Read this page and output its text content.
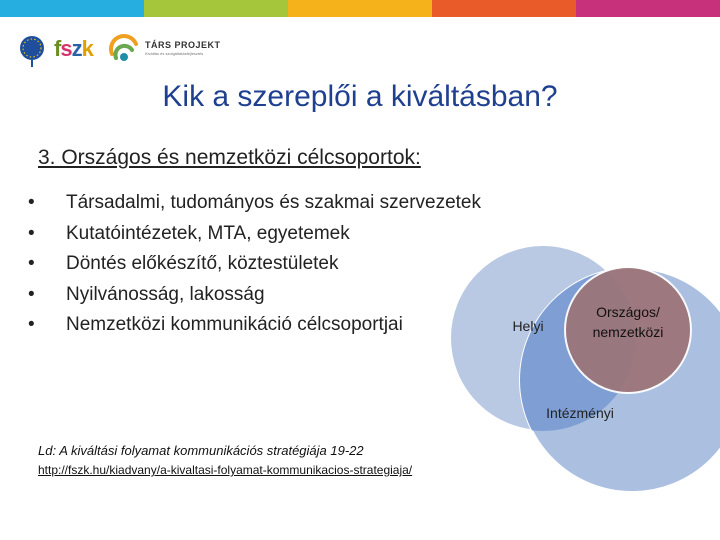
fszk	TÁRS PROJEKT
Kiváltás és szolgáltatásfejlesztés
Kik a szereplői a kiváltásban?
3. Országos és nemzetközi célcsoportok:
• Társadalmi, tudományos és szakmai szervezetek
• Kutatóintézetek, MTA, egyetemek
• Döntés előkészítő, köztestületek
• Nyilvánosság, lakosság
• Nemzetközi kommunikáció célcsoportjai	Helyi
Országos/
nemzetközi
Intézményi
Ld: A kiváltási folyamat kommunikációs stratégiája 19-22
http://fszk.hu/kiadvany/a-kivaltasi-folyamat-kommunikacios-strategiaja/
